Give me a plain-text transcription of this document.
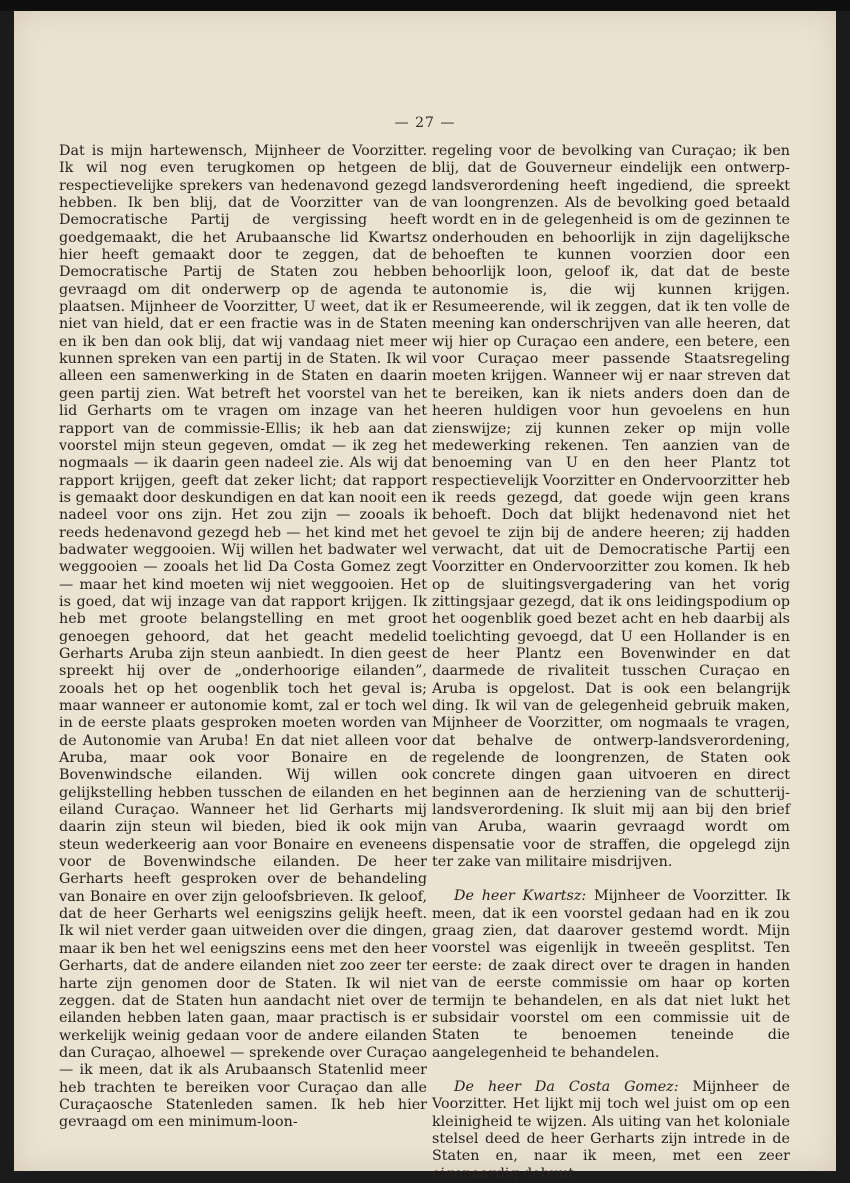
— 27 —

Dat is mijn hartewensch, Mijnheer de Voorzitter. Ik wil nog even terugkomen op hetgeen de respectievelijke sprekers van hedenavond gezegd hebben. Ik ben blij, dat de Voorzitter van de Democratische Partij de vergissing heeft goedgemaakt, die het Arubaansche lid Kwartsz hier heeft gemaakt door te zeggen, dat de Democratische Partij de Staten zou hebben gevraagd om dit onderwerp op de agenda te plaatsen. Mijnheer de Voorzitter, U weet, dat ik er niet van hield, dat er een fractie was in de Staten en ik ben dan ook blij, dat wij vandaag niet meer kunnen spreken van een partij in de Staten. Ik wil alleen een samenwerking in de Staten en daarin geen partij zien. Wat betreft het voorstel van het lid Gerharts om te vragen om inzage van het rapport van de commissie-Ellis; ik heb aan dat voorstel mijn steun gegeven, omdat — ik zeg het nogmaals — ik daarin geen nadeel zie. Als wij dat rapport krijgen, geeft dat zeker licht; dat rapport is gemaakt door deskundigen en dat kan nooit een nadeel voor ons zijn. Het zou zijn — zooals ik reeds hedenavond gezegd heb — het kind met het badwater weggooien. Wij willen het badwater wel weggooien — zooals het lid Da Costa Gomez zegt — maar het kind moeten wij niet weggooien. Het is goed, dat wij inzage van dat rapport krijgen. Ik heb met groote belangstelling en met groot genoegen gehoord, dat het geacht medelid Gerharts Aruba zijn steun aanbiedt. In dien geest spreekt hij over de „onderhoorige eilanden”, zooals het op het oogenblik toch het geval is; maar wanneer er autonomie komt, zal er toch wel in de eerste plaats gesproken moeten worden van de Autonomie van Aruba! En dat niet alleen voor Aruba, maar ook voor Bonaire en de Bovenwindsche eilanden. Wij willen ook gelijkstelling hebben tusschen de eilanden en het eiland Curaçao. Wanneer het lid Gerharts mij daarin zijn steun wil bieden, bied ik ook mijn steun wederkeerig aan voor Bonaire en eveneens voor de Bovenwindsche eilanden. De heer Gerharts heeft gesproken over de behandeling van Bonaire en over zijn geloofsbrieven. Ik geloof, dat de heer Gerharts wel eenigszins gelijk heeft. Ik wil niet verder gaan uitweiden over die dingen, maar ik ben het wel eenigszins eens met den heer Gerharts, dat de andere eilanden niet zoo zeer ter harte zijn genomen door de Staten. Ik wil niet zeggen. dat de Staten hun aandacht niet over de eilanden hebben laten gaan, maar practisch is er werkelijk weinig gedaan voor de andere eilanden dan Curaçao, alhoewel — sprekende over Curaçao — ik meen, dat ik als Arubaansch Statenlid meer heb trachten te bereiken voor Curaçao dan alle Curaçaosche Statenleden samen. Ik heb hier gevraagd om een minimum-loon-

regeling voor de bevolking van Curaçao; ik ben blij, dat de Gouverneur eindelijk een ontwerp-landsverordening heeft ingediend, die spreekt van loongrenzen. Als de bevolking goed betaald wordt en in de gelegenheid is om de gezinnen te onderhouden en behoorlijk in zijn dagelijksche behoeften te kunnen voorzien door een behoorlijk loon, geloof ik, dat dat de beste autonomie is, die wij kunnen krijgen. Resumeerende, wil ik zeggen, dat ik ten volle de meening kan onderschrijven van alle heeren, dat wij hier op Curaçao een andere, een betere, een voor Curaçao meer passende Staatsregeling moeten krijgen. Wanneer wij er naar streven dat te bereiken, kan ik niets anders doen dan de heeren huldigen voor hun gevoelens en hun zienswijze; zij kunnen zeker op mijn volle medewerking rekenen. Ten aanzien van de benoeming van U en den heer Plantz tot respectievelijk Voorzitter en Ondervoorzitter heb ik reeds gezegd, dat goede wijn geen krans behoeft. Doch dat blijkt hedenavond niet het gevoel te zijn bij de andere heeren; zij hadden verwacht, dat uit de Democratische Partij een Voorzitter en Ondervoorzitter zou komen. Ik heb op de sluitingsvergadering van het vorig zittingsjaar gezegd, dat ik ons leidingspodium op het oogenblik goed bezet acht en heb daarbij als toelichting gevoegd, dat U een Hollander is en de heer Plantz een Bovenwinder en dat daarmede de rivaliteit tusschen Curaçao en Aruba is opgelost. Dat is ook een belangrijk ding. Ik wil van de gelegenheid gebruik maken, Mijnheer de Voorzitter, om nogmaals te vragen, dat behalve de ontwerp-landsverordening, regelende de loongrenzen, de Staten ook concrete dingen gaan uitvoeren en direct beginnen aan de herziening van de schutterij-landsverordening. Ik sluit mij aan bij den brief van Aruba, waarin gevraagd wordt om dispensatie voor de straffen, die opgelegd zijn ter zake van militaire misdrijven.

De heer Kwartsz: Mijnheer de Voorzitter. Ik meen, dat ik een voorstel gedaan had en ik zou graag zien, dat daarover gestemd wordt. Mijn voorstel was eigenlijk in tweeën gesplitst. Ten eerste: de zaak direct over te dragen in handen van de eerste commissie om haar op korten termijn te behandelen, en als dat niet lukt het subsidair voorstel om een commissie uit de Staten te benoemen teneinde die aangelegenheid te behandelen.

De heer Da Costa Gomez: Mijnheer de Voorzitter. Het lijkt mij toch wel juist om op een kleinigheid te wijzen. Als uiting van het koloniale stelsel deed de heer Gerharts zijn intrede in de Staten en, naar ik meen, met een zeer eigenaardig debuut.
